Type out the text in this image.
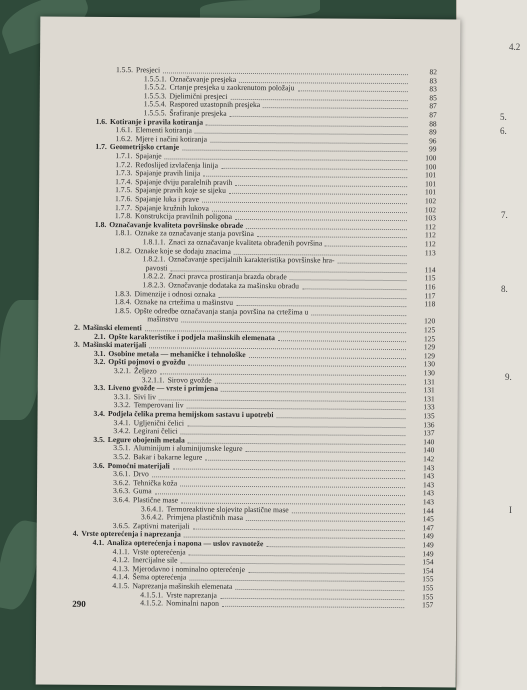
4.2
5.
6.
7.
8.
9.
I
1.5.5. Presjeci	82
1.5.5.1. Označavanje presjeka	83
1.5.5.2. Crtanje presjeka u zaokrenutom položaju	83
1.5.5.3. Djelimični presjeci	85
1.5.5.4. Raspored uzastopnih presjeka	87
1.5.5.5. Šrafiranje presjeka	87
1.6. Kotiranje i pravila kotiranja	88
1.6.1. Elementi kotiranja	89
1.6.2. Mjere i načini kotiranja	96
1.7. Geometrijsko crtanje	99
1.7.1. Spajanje	100
1.7.2. Redoslijed izvlačenja linija	100
1.7.3. Spajanje pravih linija	101
1.7.4. Spajanje dviju paralelnih pravih	101
1.7.5. Spajanje pravih koje se sijeku	101
1.7.6. Spajanje luka i prave	102
1.7.7. Spajanje kružnih lukova	102
1.7.8. Konstrukcija pravilnih poligona	103
1.8. Označavanje kvaliteta površinske obrade	112
1.8.1. Oznake za označavanje stanja površina	112
1.8.1.1. Znaci za označavanje kvaliteta obrađenih površina	112
1.8.2. Oznake koje se dodaju znacima	113
1.8.2.1. Označavanje specijalnih karakteristika površinske hra-
pavosti	114
1.8.2.2. Znaci pravca prostiranja brazda obrade	115
1.8.2.3. Označavanje dodataka za mašinsku obradu	116
1.8.3. Dimenzije i odnosi oznaka	117
1.8.4. Oznake na crtežima u mašinstvu	118
1.8.5. Opšte odredbe označavanja stanja površina na crtežima u
mašinstvu	120
2. Mašinski elementi	125
2.1. Opšte karakteristike i podjela mašinskih elemenata	125
3. Mašinski materijali	129
3.1. Osobine metala — mehaničke i tehnološke	129
3.2. Opšti pojmovi o gvožđu	130
3.2.1. Željezo	130
3.2.1.1. Sirovo gvožđe	131
3.3. Liveno gvožđe — vrste i primjena	131
3.3.1. Sivi liv	131
3.3.2. Temperovani liv	133
3.4. Podjela čelika prema hemijskom sastavu i upotrebi	135
3.4.1. Ugljenični čelici	136
3.4.2. Legirani čelici	137
3.5. Legure obojenih metala	140
3.5.1. Aluminijum i aluminijumske legure	140
3.5.2. Bakar i bakarne legure	142
3.6. Pomoćni materijali	143
3.6.1. Drvo	143
3.6.2. Tehnička koža	143
3.6.3. Guma	143
3.6.4. Plastične mase	143
3.6.4.1. Termoreaktivne slojevite plastične mase	144
3.6.4.2. Primjena plastičnih masa	145
3.6.5. Zaptivni materijali	147
4. Vrste opterećenja i naprezanja	149
4.1. Analiza opterećenja i napona — uslov ravnoteže	149
4.1.1. Vrste opterećenja	149
4.1.2. Inercijalne sile	154
4.1.3. Mjerodavno i nominalno opterećenje	154
4.1.4. Šema opterećenja	155
4.1.5. Naprezanja mašinskih elemenata	155
4.1.5.1. Vrste naprezanja	155
4.1.5.2. Nominalni napon	157
290
